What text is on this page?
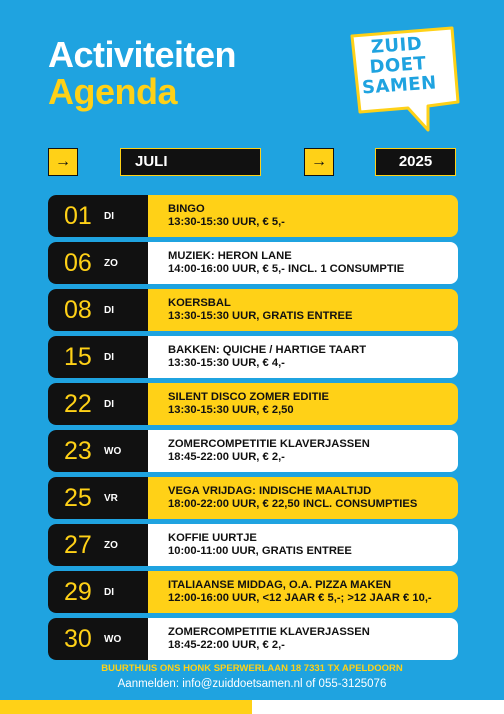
Activiteiten
Agenda
ZUID
DOET
SAMEN
→	JULI	→	2025
01	DI
BINGO
13:30-15:30 UUR, € 5,-
06	ZO
MUZIEK: HERON LANE
14:00-16:00 UUR, € 5,- INCL. 1 CONSUMPTIE
08	DI
KOERSBAL
13:30-15:30 UUR, GRATIS ENTREE
15	DI
BAKKEN: QUICHE / HARTIGE TAART
13:30-15:30 UUR, € 4,-
22	DI
SILENT DISCO ZOMER EDITIE
13:30-15:30 UUR, € 2,50
23	WO
ZOMERCOMPETITIE KLAVERJASSEN
18:45-22:00 UUR, € 2,-
25	VR
VEGA VRIJDAG: INDISCHE MAALTIJD
18:00-22:00 UUR, € 22,50 INCL. CONSUMPTIES
27	ZO
KOFFIE UURTJE
10:00-11:00 UUR, GRATIS ENTREE
29	DI
ITALIAANSE MIDDAG, O.A. PIZZA MAKEN
12:00-16:00 UUR, <12 JAAR € 5,-; >12 JAAR € 10,-
30	WO
ZOMERCOMPETITIE KLAVERJASSEN
18:45-22:00 UUR, € 2,-
BUURTHUIS ONS HONK SPERWERLAAN 18 7331 TX APELDOORN
Aanmelden: info@zuiddoetsamen.nl of 055-3125076
